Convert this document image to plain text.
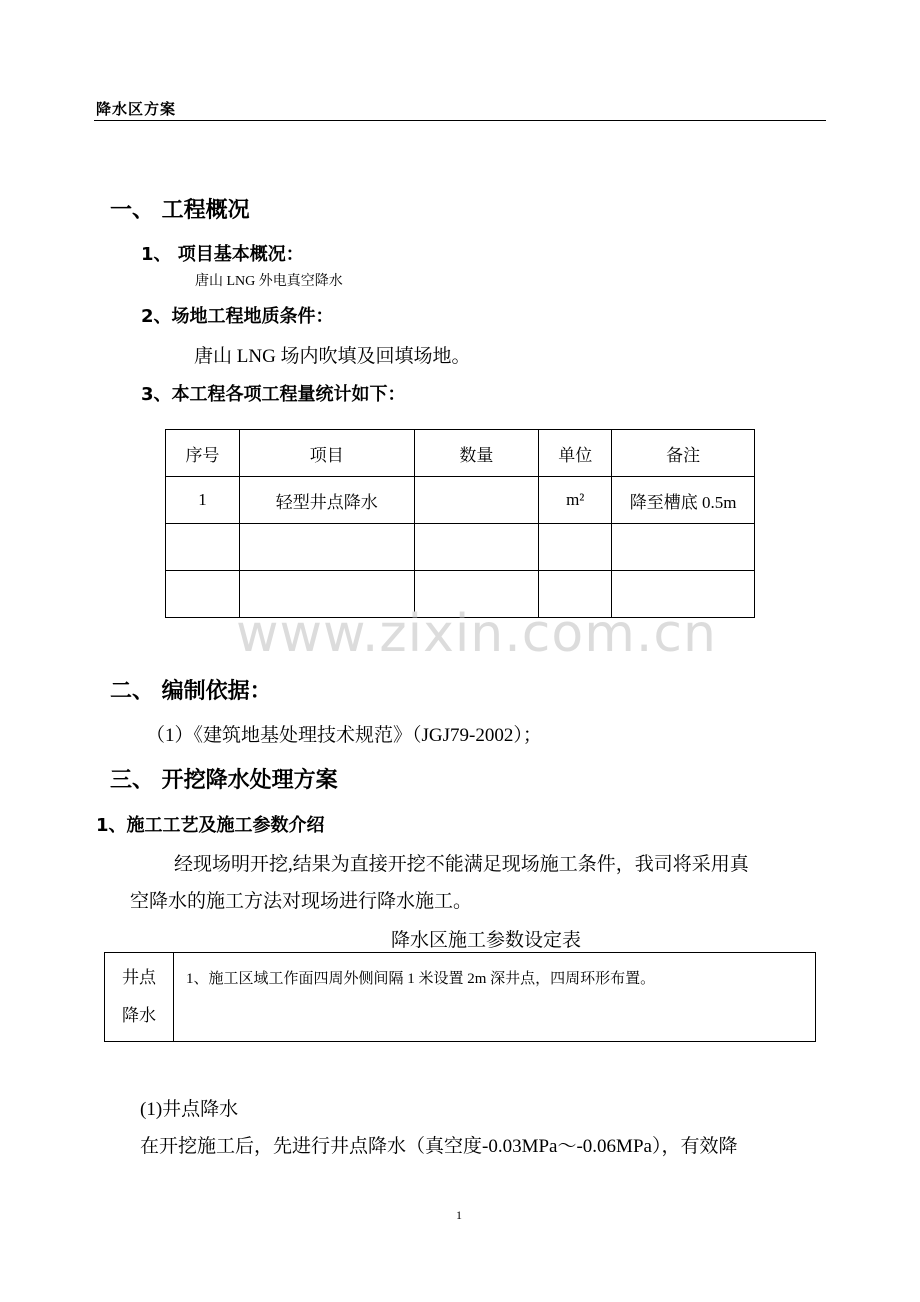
降水区方案
一、 工程概况
1、 项目基本概况：
唐山 LNG 外电真空降水
2、场地工程地质条件：
唐山 LNG 场内吹填及回填场地。
3、本工程各项工程量统计如下：
序号	项目	数量	单位	备注
1	轻型井点降水		m²	降至槽底 0.5m

www.zixin.com.cn
二、 编制依据：
（1）《建筑地基处理技术规范》（JGJ79-2002）；
三、 开挖降水处理方案
1、施工工艺及施工参数介绍
经现场明开挖,结果为直接开挖不能满足现场施工条件，我司将采用真
空降水的施工方法对现场进行降水施工。
降水区施工参数设定表
井点
降水
	1、施工区域工作面四周外侧间隔 1 米设置 2m 深井点，四周环形布置。
(1)井点降水
在开挖施工后，先进行井点降水（真空度-0.03MPa～-0.06MPa），有效降
1
